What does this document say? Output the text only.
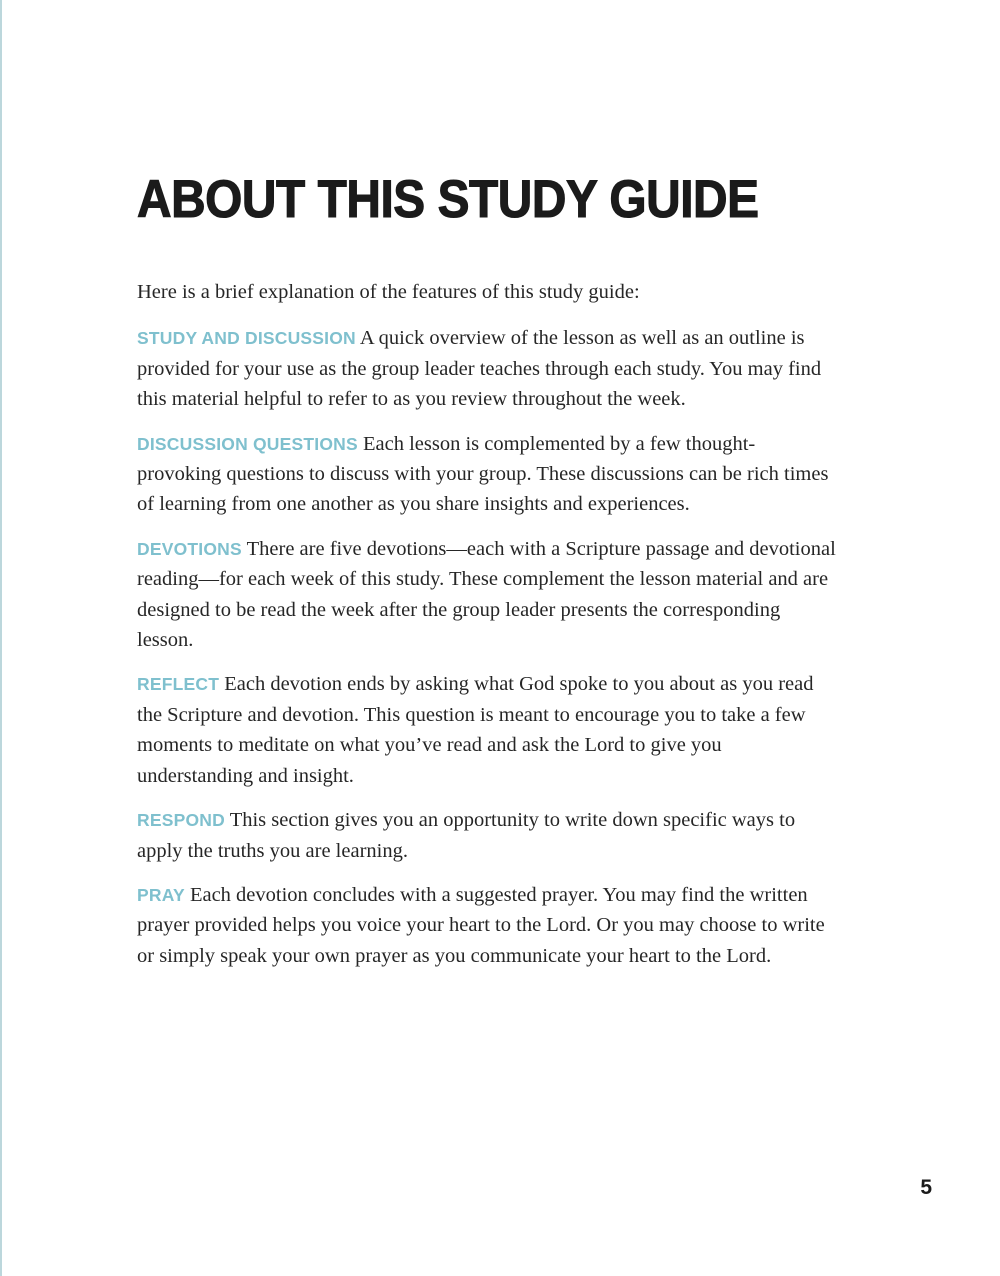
ABOUT THIS STUDY GUIDE

Here is a brief explanation of the features of this study guide:

STUDY AND DISCUSSION A quick overview of the lesson as well as an outline is provided for your use as the group leader teaches through each study. You may find this material helpful to refer to as you review throughout the week.

DISCUSSION QUESTIONS Each lesson is complemented by a few thought-provoking questions to discuss with your group. These discussions can be rich times of learning from one another as you share insights and experiences.

DEVOTIONS There are five devotions—each with a Scripture passage and devotional reading—for each week of this study. These complement the lesson material and are designed to be read the week after the group leader presents the corresponding lesson.

REFLECT Each devotion ends by asking what God spoke to you about as you read the Scripture and devotion. This question is meant to encourage you to take a few moments to meditate on what you’ve read and ask the Lord to give you understanding and insight.

RESPOND This section gives you an opportunity to write down specific ways to apply the truths you are learning.

PRAY Each devotion concludes with a suggested prayer. You may find the written prayer provided helps you voice your heart to the Lord. Or you may choose to write or simply speak your own prayer as you communicate your heart to the Lord.

5
